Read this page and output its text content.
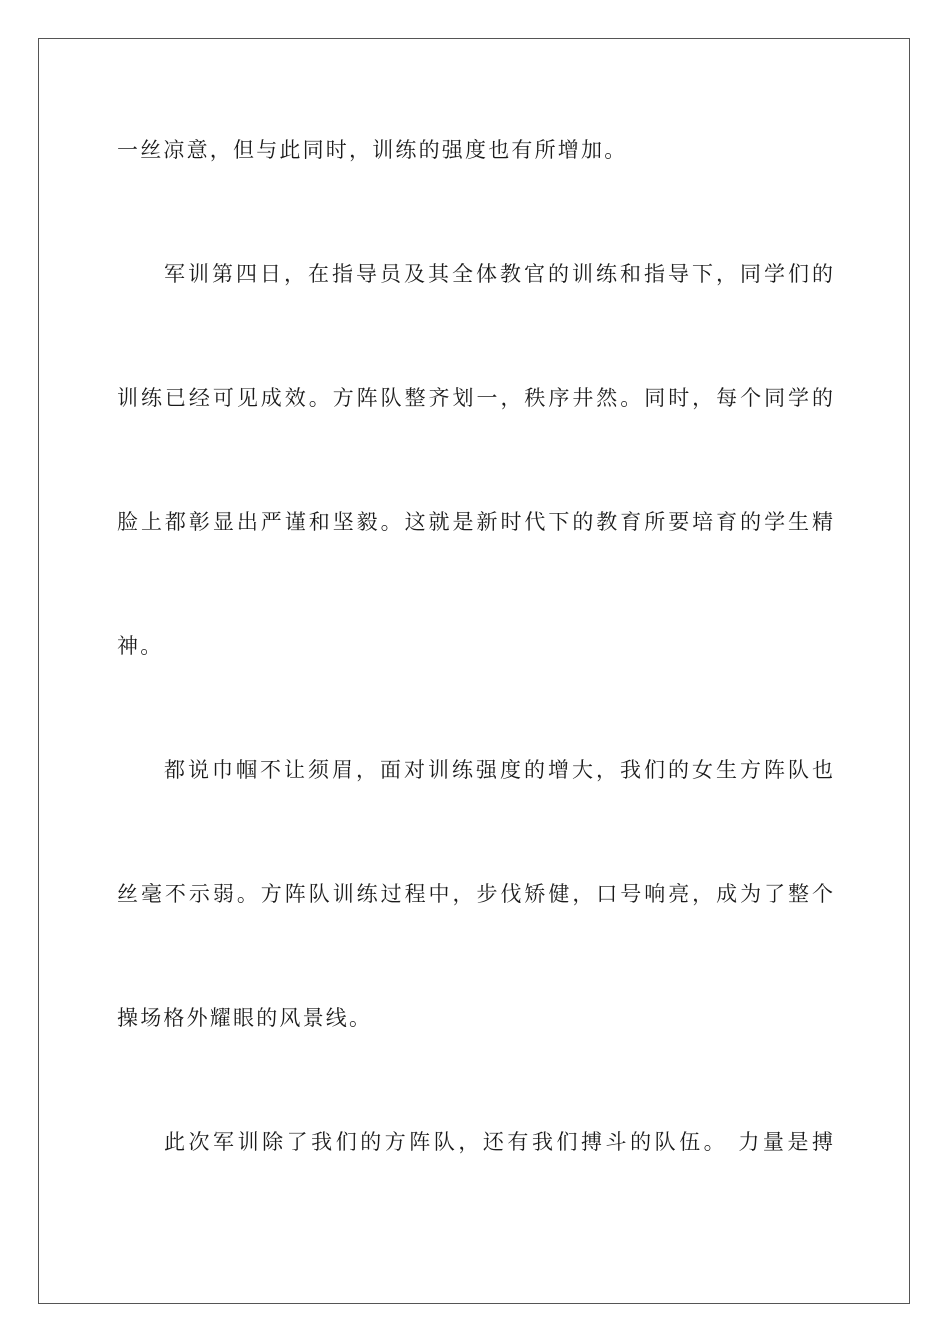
一丝凉意，但与此同时，训练的强度也有所增加。
军训第四日，在指导员及其全体教官的训练和指导下，同学们的
训练已经可见成效。方阵队整齐划一，秩序井然。同时，每个同学的
脸上都彰显出严谨和坚毅。这就是新时代下的教育所要培育的学生精
神。
都说巾帼不让须眉，面对训练强度的增大，我们的女生方阵队也
丝毫不示弱。方阵队训练过程中，步伐矫健，口号响亮，成为了整个
操场格外耀眼的风景线。
此次军训除了我们的方阵队，还有我们搏斗的队伍。 力量是搏
